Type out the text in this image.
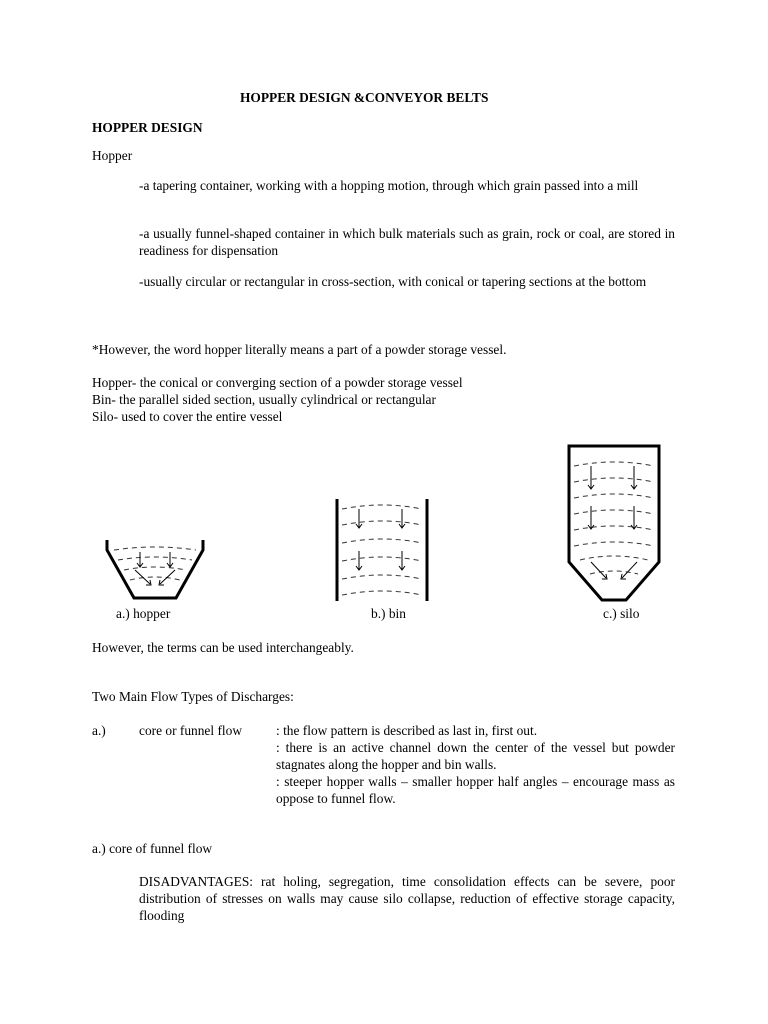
HOPPER DESIGN &CONVEYOR BELTS
HOPPER DESIGN
Hopper
-a tapering container, working with a hopping motion, through which grain passed into a mill
-a usually funnel-shaped container in which bulk materials such as grain, rock or coal, are stored in readiness for dispensation
-usually circular or rectangular in cross-section, with conical or tapering sections at the bottom
*However, the word hopper literally means a part of a powder storage vessel.
Hopper- the conical or converging section of a powder storage vessel
Bin- the parallel sided section, usually cylindrical or rectangular
Silo- used to cover the entire vessel
a.) hopper	b.) bin	c.) silo
However, the terms can be used interchangeably.
Two Main Flow Types of Discharges:
a.) core or funnel flow	: the flow pattern is described as last in, first out.
: there is an active channel down the center of the vessel but powder stagnates along the hopper and bin walls.
: steeper hopper walls – smaller hopper half angles – encourage mass as oppose to funnel flow.
a.) core of funnel flow
DISADVANTAGES: rat holing, segregation, time consolidation effects can be severe, poor distribution of stresses on walls may cause silo collapse, reduction of effective storage capacity, flooding
